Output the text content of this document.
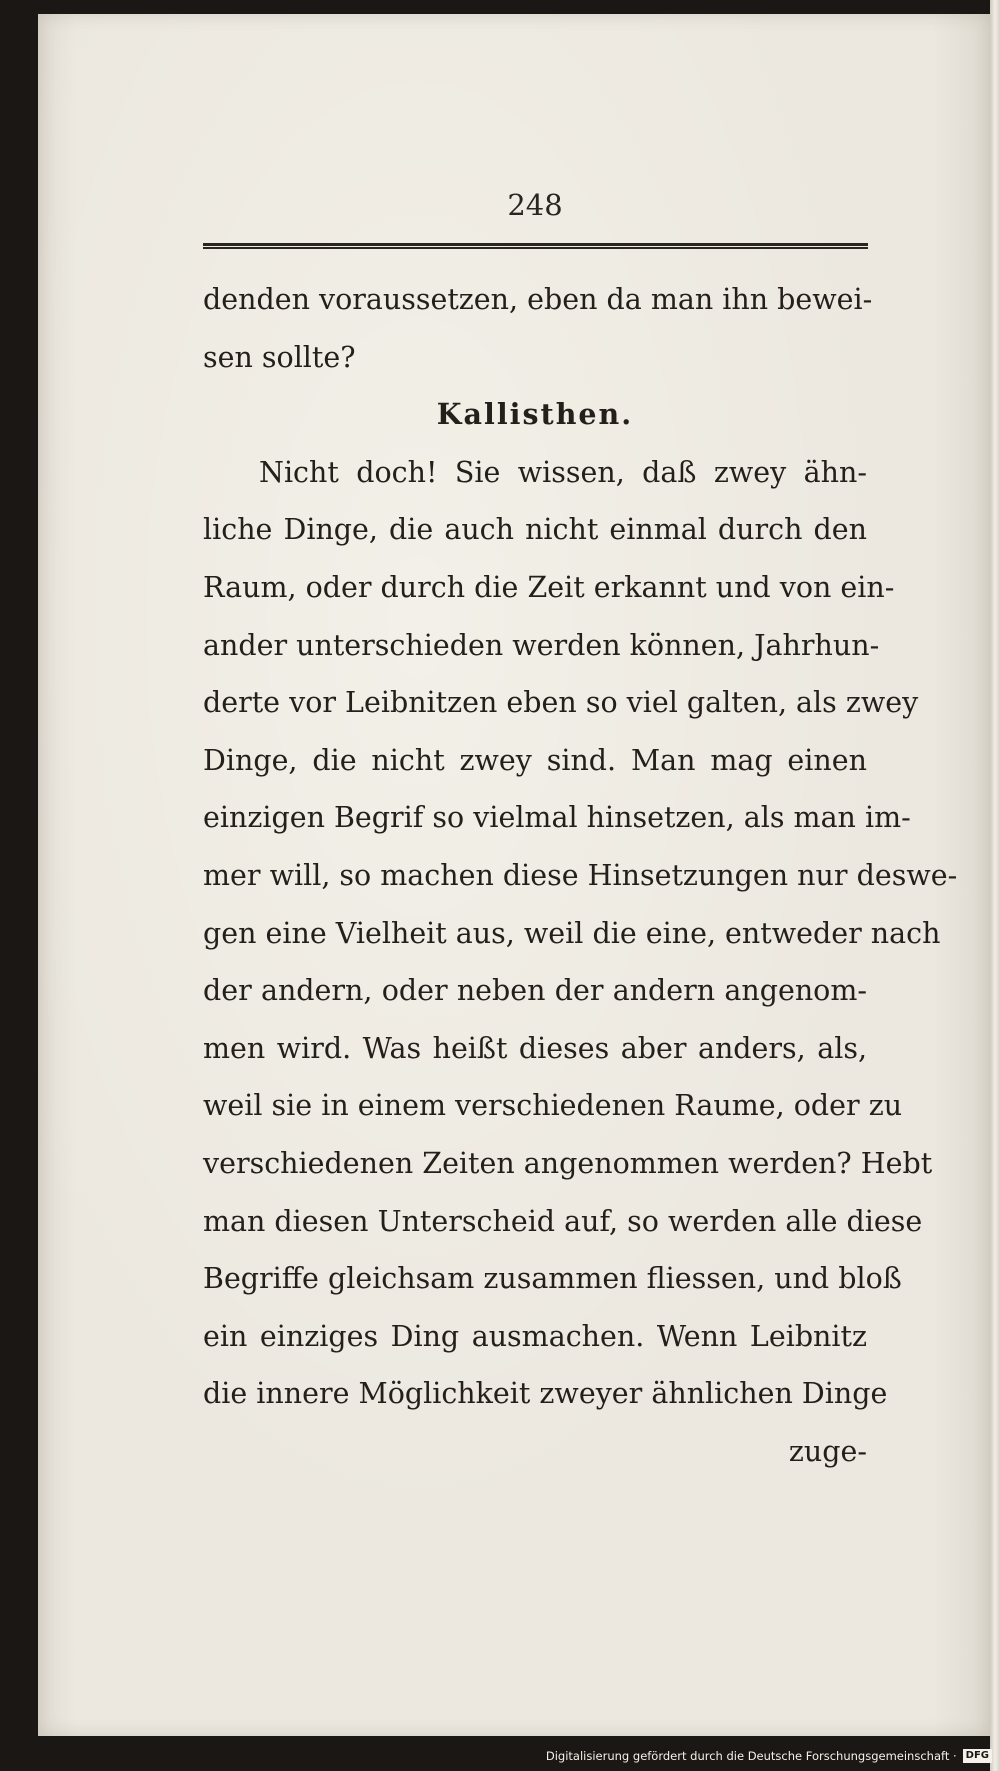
248
denden voraussetzen, eben da man ihn bewei-
sen sollte?
Kallisthen.
Nicht doch! Sie wissen, daß zwey ähn-
liche Dinge, die auch nicht einmal durch den
Raum, oder durch die Zeit erkannt und von ein-
ander unterschieden werden können, Jahrhun-
derte vor Leibnitzen eben so viel galten, als zwey
Dinge, die nicht zwey sind. Man mag einen
einzigen Begrif so vielmal hinsetzen, als man im-
mer will, so machen diese Hinsetzungen nur deswe-
gen eine Vielheit aus, weil die eine, entweder nach
der andern, oder neben der andern angenom-
men wird. Was heißt dieses aber anders, als,
weil sie in einem verschiedenen Raume, oder zu
verschiedenen Zeiten angenommen werden? Hebt
man diesen Unterscheid auf, so werden alle diese
Begriffe gleichsam zusammen fliessen, und bloß
ein einziges Ding ausmachen. Wenn Leibnitz
die innere Möglichkeit zweyer ähnlichen Dinge
zuge-
Digitalisierung gefördert durch die Deutsche Forschungsgemeinschaft · DFG
